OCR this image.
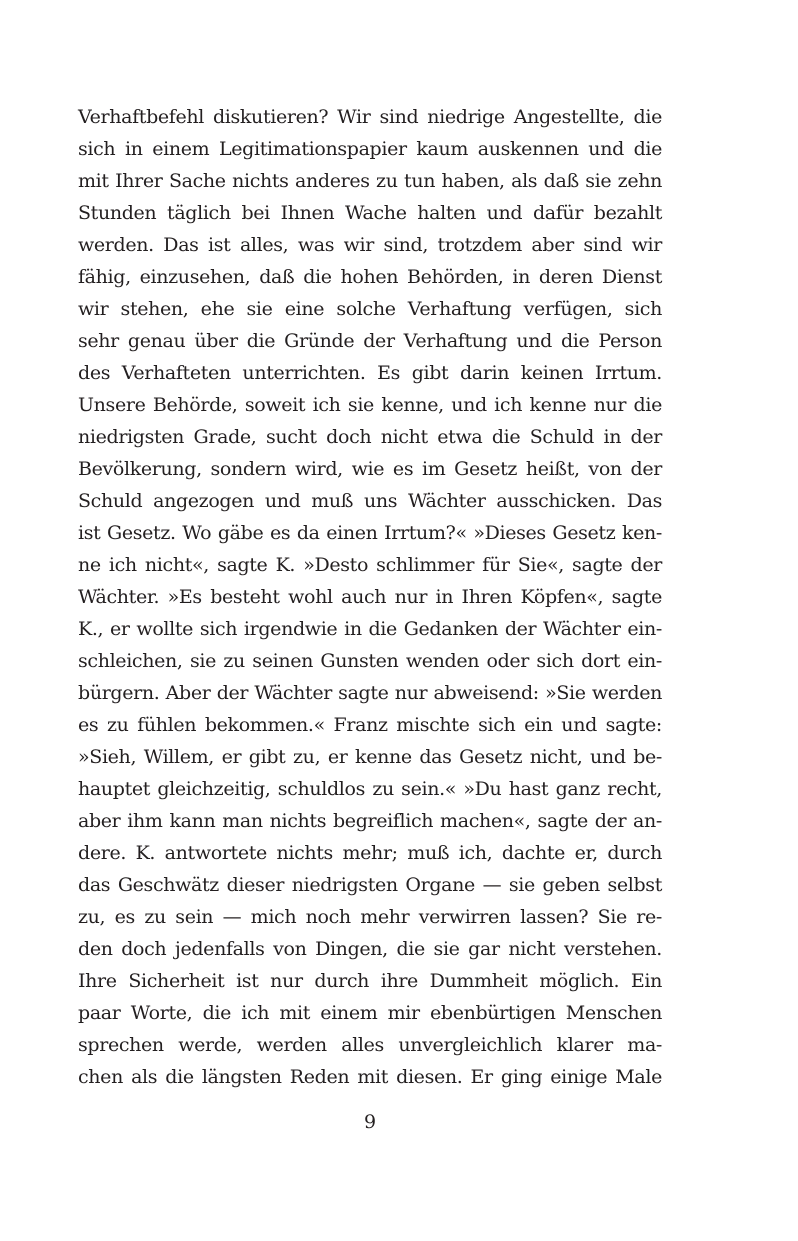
Verhaftbefehl diskutieren? Wir sind niedrige Angestellte, die
sich in einem Legitimationspapier kaum auskennen und die
mit Ihrer Sache nichts anderes zu tun haben, als daß sie zehn
Stunden täglich bei Ihnen Wache halten und dafür bezahlt
werden. Das ist alles, was wir sind, trotzdem aber sind wir
fähig, einzusehen, daß die hohen Behörden, in deren Dienst
wir stehen, ehe sie eine solche Verhaftung verfügen, sich
sehr genau über die Gründe der Verhaftung und die Person
des Verhafteten unterrichten. Es gibt darin keinen Irrtum.
Unsere Behörde, soweit ich sie kenne, und ich kenne nur die
niedrigsten Grade, sucht doch nicht etwa die Schuld in der
Bevölkerung, sondern wird, wie es im Gesetz heißt, von der
Schuld angezogen und muß uns Wächter ausschicken. Das
ist Gesetz. Wo gäbe es da einen Irrtum?« »Dieses Gesetz ken-
ne ich nicht«, sagte K. »Desto schlimmer für Sie«, sagte der
Wächter. »Es besteht wohl auch nur in Ihren Köpfen«, sagte
K., er wollte sich irgendwie in die Gedanken der Wächter ein-
schleichen, sie zu seinen Gunsten wenden oder sich dort ein-
bürgern. Aber der Wächter sagte nur abweisend: »Sie werden
es zu fühlen bekommen.« Franz mischte sich ein und sagte:
»Sieh, Willem, er gibt zu, er kenne das Gesetz nicht, und be-
hauptet gleichzeitig, schuldlos zu sein.« »Du hast ganz recht,
aber ihm kann man nichts begreiflich machen«, sagte der an-
dere. K. antwortete nichts mehr; muß ich, dachte er, durch
das Geschwätz dieser niedrigsten Organe — sie geben selbst
zu, es zu sein — mich noch mehr verwirren lassen? Sie re-
den doch jedenfalls von Dingen, die sie gar nicht verstehen.
Ihre Sicherheit ist nur durch ihre Dummheit möglich. Ein
paar Worte, die ich mit einem mir ebenbürtigen Menschen
sprechen werde, werden alles unvergleichlich klarer ma-
chen als die längsten Reden mit diesen. Er ging einige Male
9
